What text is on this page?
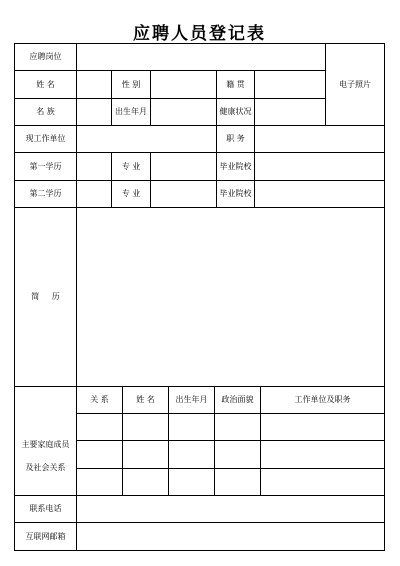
应聘人员登记表
应聘岗位
姓 名	性 别	籍 贯	电子照片
名 族	出生年月	健康状况
现工作单位	职 务
第一学历	专 业	毕业院校
第二学历	专 业	毕业院校
简 历
主要家庭成员
及社会关系
关 系	姓 名	出生年月	政治面貌	工作单位及职务
联系电话
互联网邮箱
